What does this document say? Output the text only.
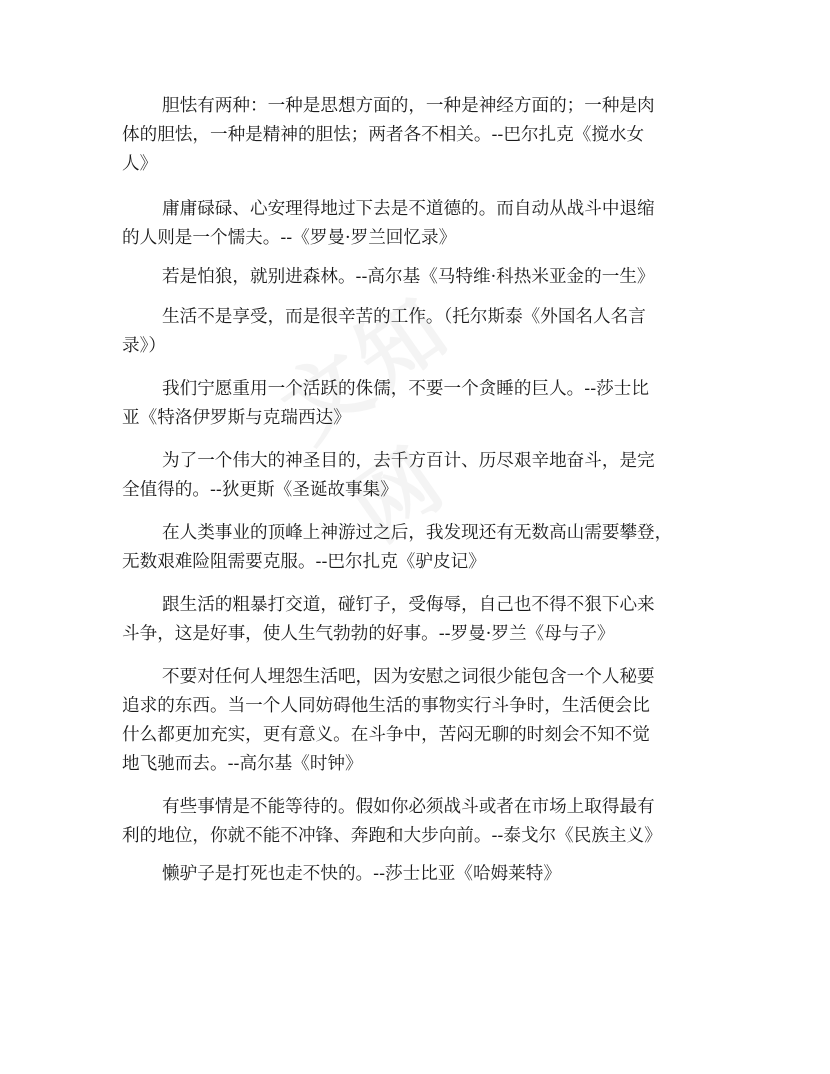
胆怯有两种：一种是思想方面的，一种是神经方面的；一种是肉
体的胆怯，一种是精神的胆怯；两者各不相关。--巴尔扎克《搅水女
人》

庸庸碌碌、心安理得地过下去是不道德的。而自动从战斗中退缩
的人则是一个懦夫。--《罗曼·罗兰回忆录》

若是怕狼，就别进森林。--高尔基《马特维·科热米亚金的一生》

生活不是享受，而是很辛苦的工作。（托尔斯泰《外国名人名言
录》）

我们宁愿重用一个活跃的侏儒，不要一个贪睡的巨人。--莎士比
亚《特洛伊罗斯与克瑞西达》

为了一个伟大的神圣目的，去千方百计、历尽艰辛地奋斗，是完
全值得的。--狄更斯《圣诞故事集》

在人类事业的顶峰上神游过之后，我发现还有无数高山需要攀登，
无数艰难险阻需要克服。--巴尔扎克《驴皮记》

跟生活的粗暴打交道，碰钉子，受侮辱，自己也不得不狠下心来
斗争，这是好事，使人生气勃勃的好事。--罗曼·罗兰《母与子》

不要对任何人埋怨生活吧，因为安慰之词很少能包含一个人秘要
追求的东西。当一个人同妨碍他生活的事物实行斗争时，生活便会比
什么都更加充实，更有意义。在斗争中，苦闷无聊的时刻会不知不觉
地飞驰而去。--高尔基《时钟》

有些事情是不能等待的。假如你必须战斗或者在市场上取得最有
利的地位，你就不能不冲锋、奔跑和大步向前。--泰戈尔《民族主义》

懒驴子是打死也走不快的。--莎士比亚《哈姆莱特》
